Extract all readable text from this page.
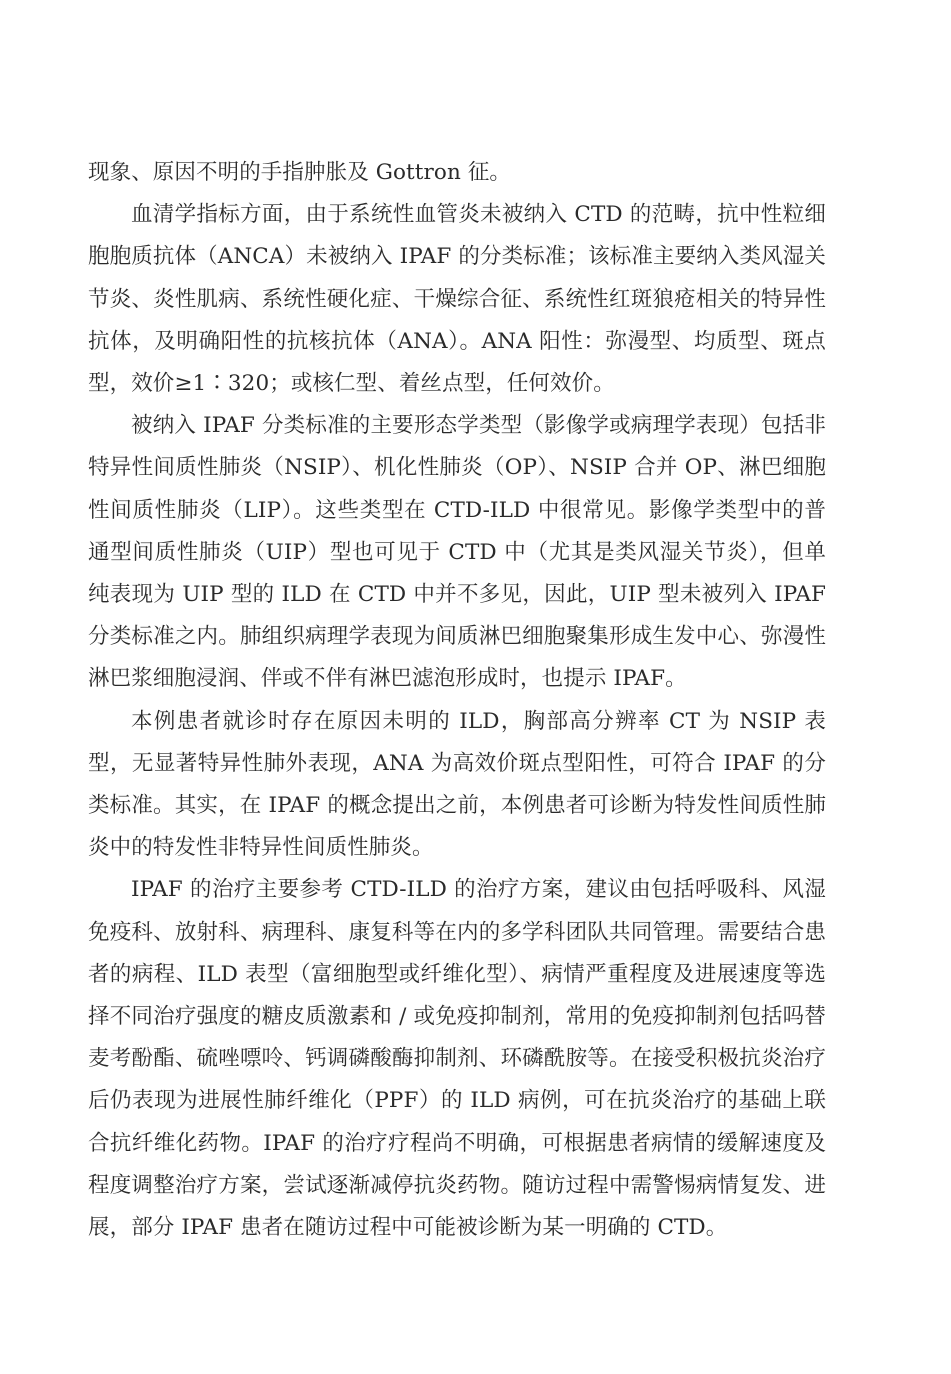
现象、原因不明的手指肿胀及 Gottron 征。

血清学指标方面，由于系统性血管炎未被纳入 CTD 的范畴，抗中性粒细胞胞质抗体（ANCA）未被纳入 IPAF 的分类标准；该标准主要纳入类风湿关节炎、炎性肌病、系统性硬化症、干燥综合征、系统性红斑狼疮相关的特异性抗体，及明确阳性的抗核抗体（ANA）。ANA 阳性：弥漫型、均质型、斑点型，效价≥1∶320；或核仁型、着丝点型，任何效价。

被纳入 IPAF 分类标准的主要形态学类型（影像学或病理学表现）包括非特异性间质性肺炎（NSIP）、机化性肺炎（OP）、NSIP 合并 OP、淋巴细胞性间质性肺炎（LIP）。这些类型在 CTD-ILD 中很常见。影像学类型中的普通型间质性肺炎（UIP）型也可见于 CTD 中（尤其是类风湿关节炎），但单纯表现为 UIP 型的 ILD 在 CTD 中并不多见，因此，UIP 型未被列入 IPAF 分类标准之内。肺组织病理学表现为间质淋巴细胞聚集形成生发中心、弥漫性淋巴浆细胞浸润、伴或不伴有淋巴滤泡形成时，也提示 IPAF。

本例患者就诊时存在原因未明的 ILD，胸部高分辨率 CT 为 NSIP 表型，无显著特异性肺外表现，ANA 为高效价斑点型阳性，可符合 IPAF 的分类标准。其实，在 IPAF 的概念提出之前，本例患者可诊断为特发性间质性肺炎中的特发性非特异性间质性肺炎。

IPAF 的治疗主要参考 CTD-ILD 的治疗方案，建议由包括呼吸科、风湿免疫科、放射科、病理科、康复科等在内的多学科团队共同管理。需要结合患者的病程、ILD 表型（富细胞型或纤维化型）、病情严重程度及进展速度等选择不同治疗强度的糖皮质激素和 / 或免疫抑制剂，常用的免疫抑制剂包括吗替麦考酚酯、硫唑嘌呤、钙调磷酸酶抑制剂、环磷酰胺等。在接受积极抗炎治疗后仍表现为进展性肺纤维化（PPF）的 ILD 病例，可在抗炎治疗的基础上联合抗纤维化药物。IPAF 的治疗疗程尚不明确，可根据患者病情的缓解速度及程度调整治疗方案，尝试逐渐减停抗炎药物。随访过程中需警惕病情复发、进展，部分 IPAF 患者在随访过程中可能被诊断为某一明确的 CTD。
